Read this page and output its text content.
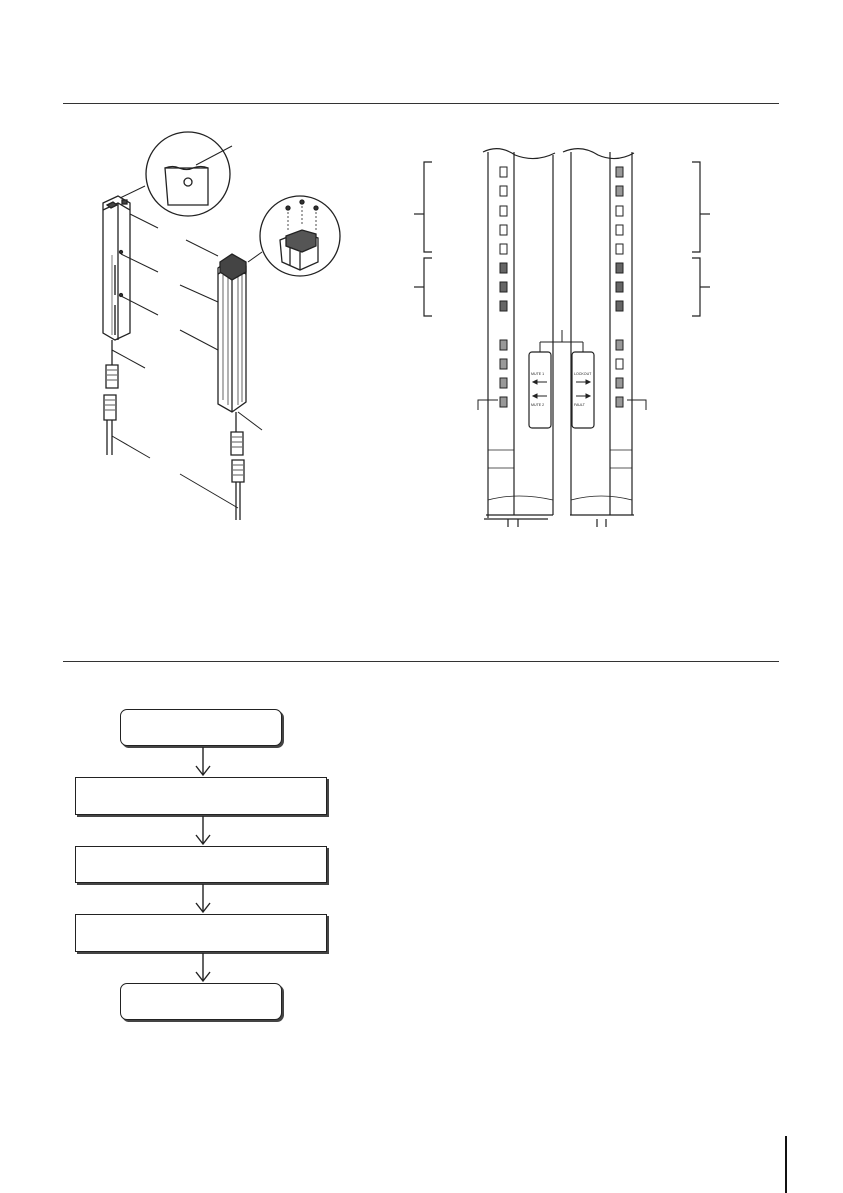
MUTE 1
MUTE 2
LOCKOUT
FAULT
